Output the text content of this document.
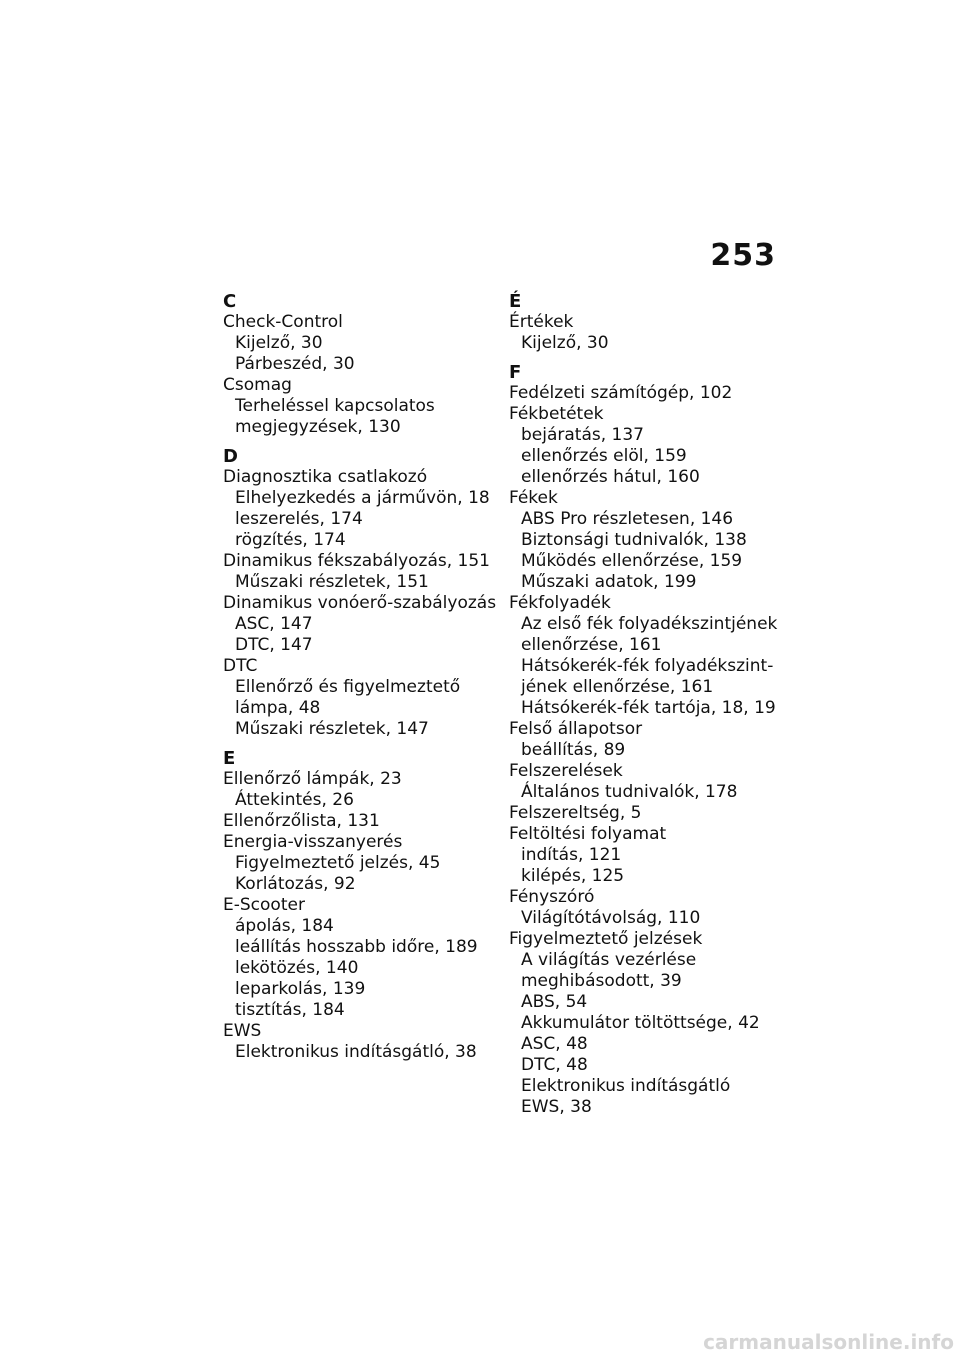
253
C
Check-Control
Kijelző, 30
Párbeszéd, 30
Csomag
Terheléssel kapcsolatos
megjegyzések, 130
D
Diagnosztika csatlakozó
Elhelyezkedés a járművön, 18
leszerelés, 174
rögzítés, 174
Dinamikus fékszabályozás, 151
Műszaki részletek, 151
Dinamikus vonóerő-szabályozás
ASC, 147
DTC, 147
DTC
Ellenőrző és figyelmeztető
lámpa, 48
Műszaki részletek, 147
E
Ellenőrző lámpák, 23
Áttekintés, 26
Ellenőrzőlista, 131
Energia-visszanyerés
Figyelmeztető jelzés, 45
Korlátozás, 92
E-Scooter
ápolás, 184
leállítás hosszabb időre, 189
lekötözés, 140
leparkolás, 139
tisztítás, 184
EWS
Elektronikus indításgátló, 38
É
Értékek
Kijelző, 30
F
Fedélzeti számítógép, 102
Fékbetétek
bejáratás, 137
ellenőrzés elöl, 159
ellenőrzés hátul, 160
Fékek
ABS Pro részletesen, 146
Biztonsági tudnivalók, 138
Működés ellenőrzése, 159
Műszaki adatok, 199
Fékfolyadék
Az első fék folyadékszintjének
ellenőrzése, 161
Hátsókerék-fék folyadékszint-
jének ellenőrzése, 161
Hátsókerék-fék tartója, 18, 19
Felső állapotsor
beállítás, 89
Felszerelések
Általános tudnivalók, 178
Felszereltség, 5
Feltöltési folyamat
indítás, 121
kilépés, 125
Fényszóró
Világítótávolság, 110
Figyelmeztető jelzések
A világítás vezérlése
meghibásodott, 39
ABS, 54
Akkumulátor töltöttsége, 42
ASC, 48
DTC, 48
Elektronikus indításgátló
EWS, 38
carmanualsonline.info
